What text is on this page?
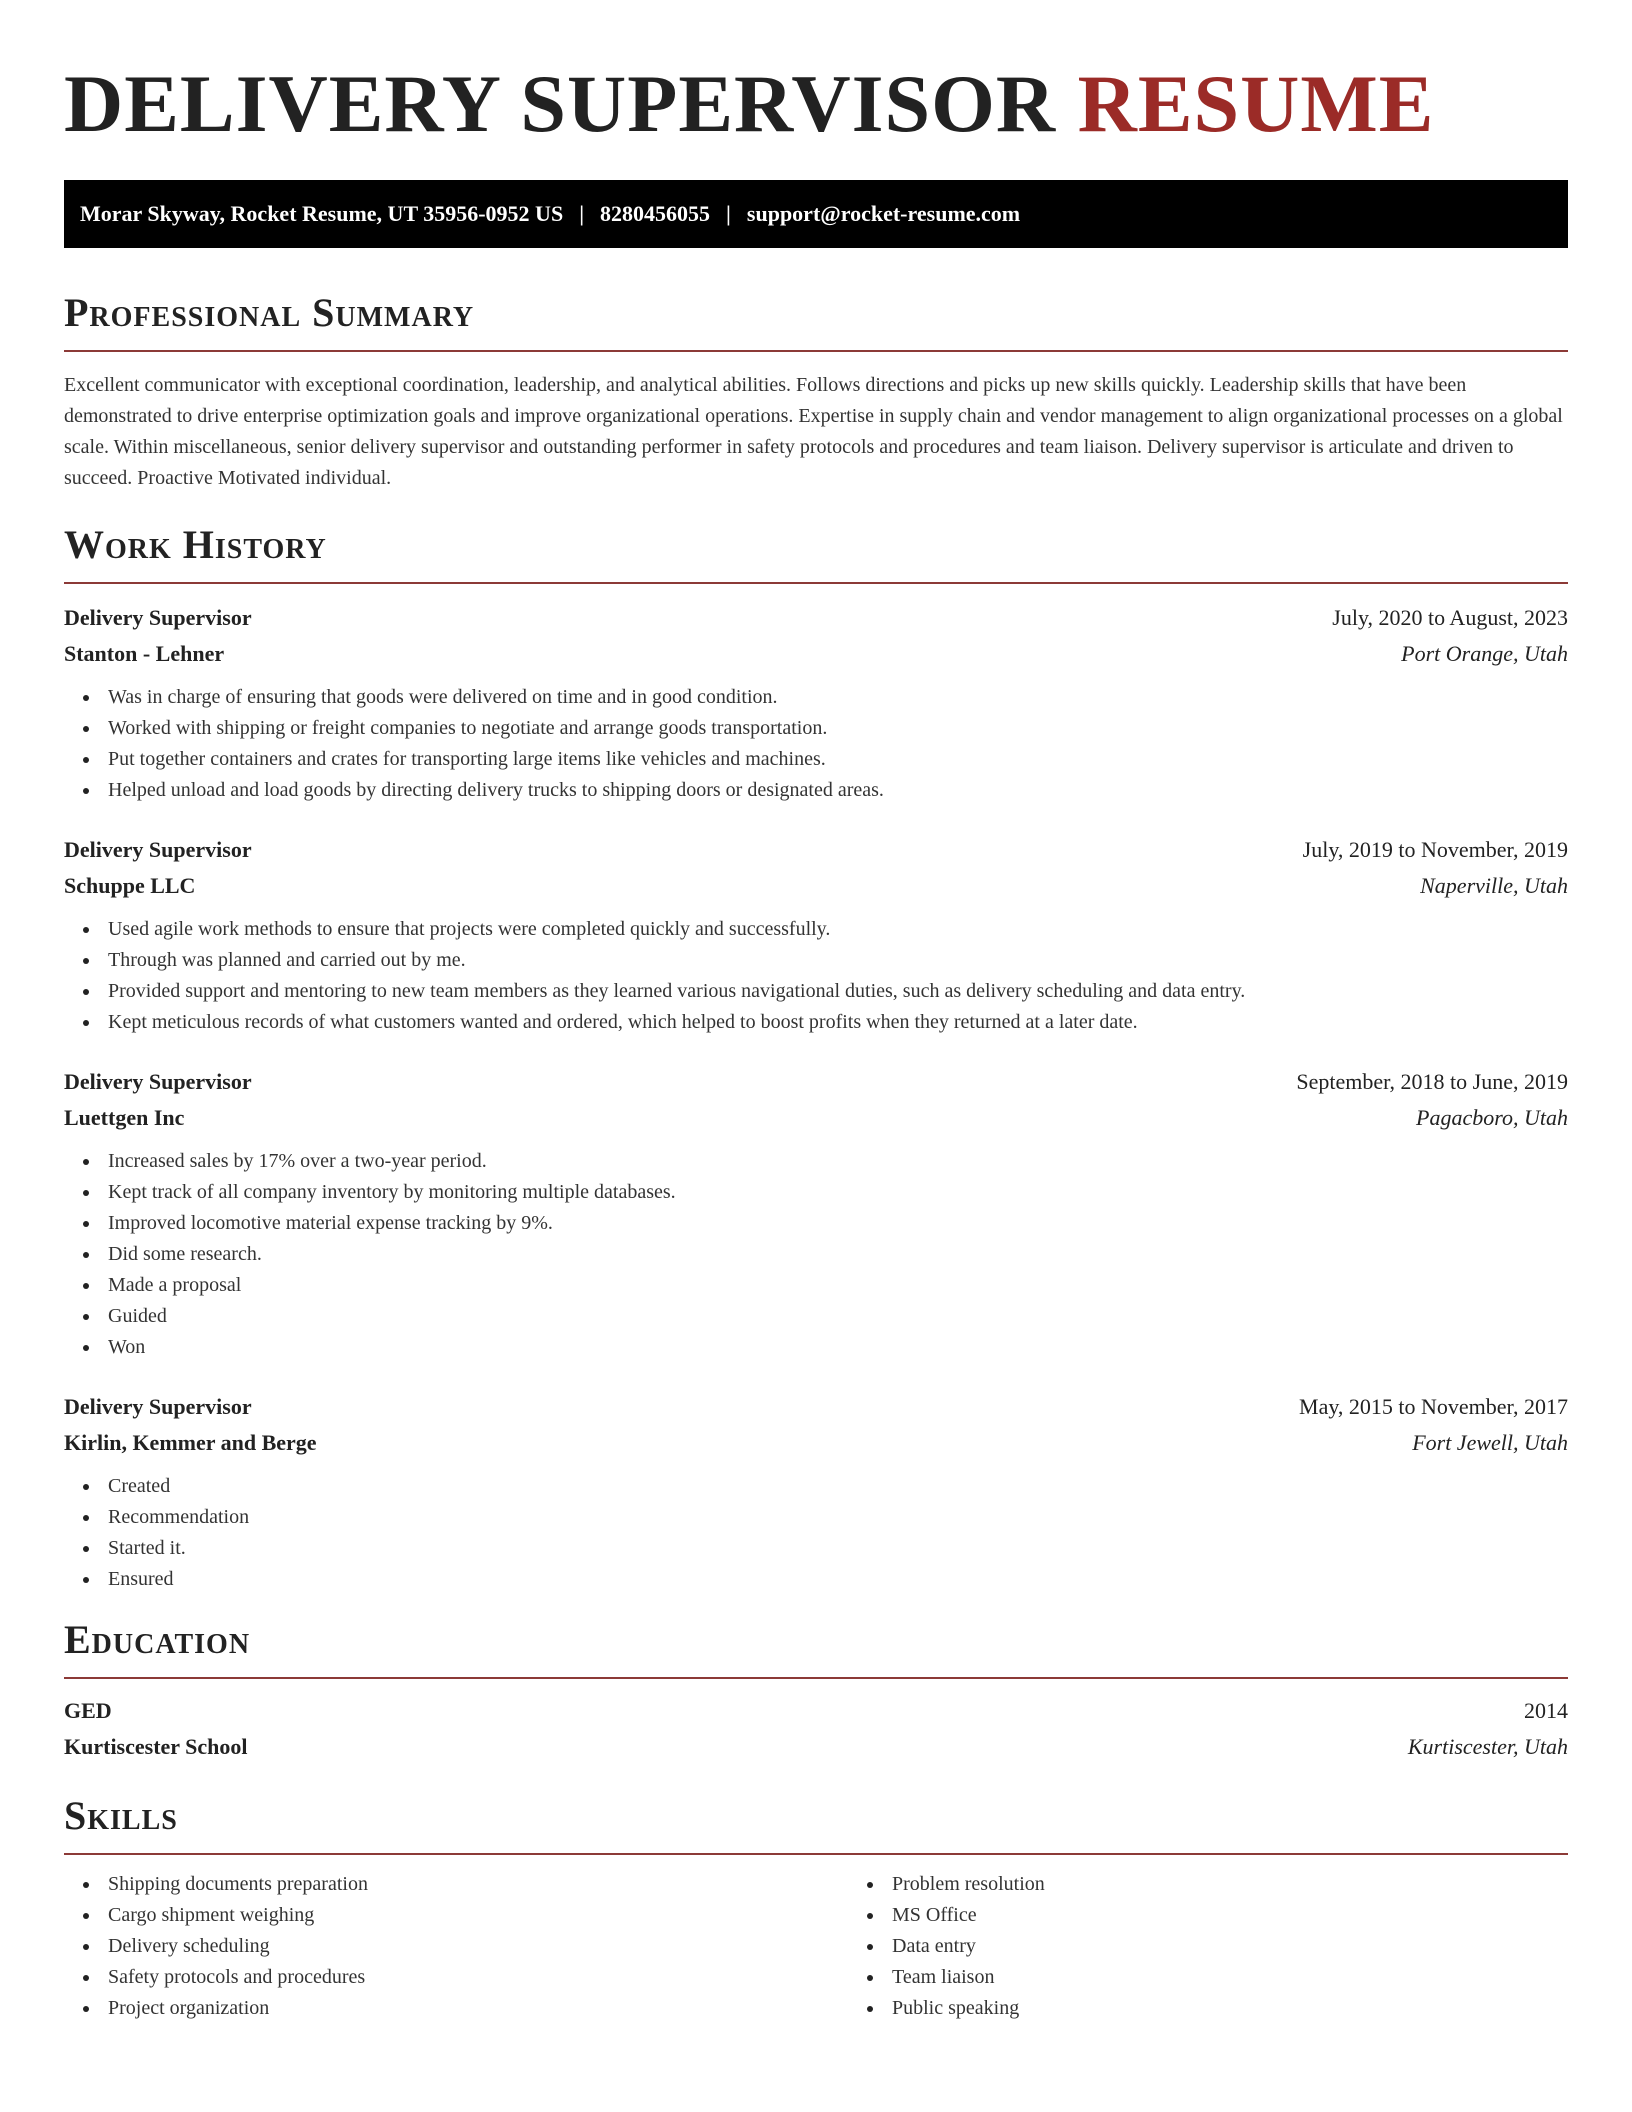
DELIVERY SUPERVISOR RESUME
Morar Skyway, Rocket Resume, UT 35956-0952 US | 8280456055 | support@rocket-resume.com
Professional Summary

Excellent communicator with exceptional coordination, leadership, and analytical abilities. Follows directions and picks up new skills quickly. Leadership skills that have been demonstrated to drive enterprise optimization goals and improve organizational operations. Expertise in supply chain and vendor management to align organizational processes on a global scale. Within miscellaneous, senior delivery supervisor and outstanding performer in safety protocols and procedures and team liaison. Delivery supervisor is articulate and driven to succeed. Proactive Motivated individual.

Work History
Delivery Supervisor	July, 2020 to August, 2023
Stanton - Lehner	Port Orange, Utah
Was in charge of ensuring that goods were delivered on time and in good condition.
Worked with shipping or freight companies to negotiate and arrange goods transportation.
Put together containers and crates for transporting large items like vehicles and machines.
Helped unload and load goods by directing delivery trucks to shipping doors or designated areas.
Delivery Supervisor	July, 2019 to November, 2019
Schuppe LLC	Naperville, Utah
Used agile work methods to ensure that projects were completed quickly and successfully.
Through was planned and carried out by me.
Provided support and mentoring to new team members as they learned various navigational duties, such as delivery scheduling and data entry.
Kept meticulous records of what customers wanted and ordered, which helped to boost profits when they returned at a later date.
Delivery Supervisor	September, 2018 to June, 2019
Luettgen Inc	Pagacboro, Utah
Increased sales by 17% over a two-year period.
Kept track of all company inventory by monitoring multiple databases.
Improved locomotive material expense tracking by 9%.
Did some research.
Made a proposal
Guided
Won
Delivery Supervisor	May, 2015 to November, 2017
Kirlin, Kemmer and Berge	Fort Jewell, Utah
Created
Recommendation
Started it.
Ensured
Education
GED	2014
Kurtiscester School	Kurtiscester, Utah
Skills
Shipping documents preparation
Cargo shipment weighing
Delivery scheduling
Safety protocols and procedures
Project organization
Problem resolution
MS Office
Data entry
Team liaison
Public speaking
